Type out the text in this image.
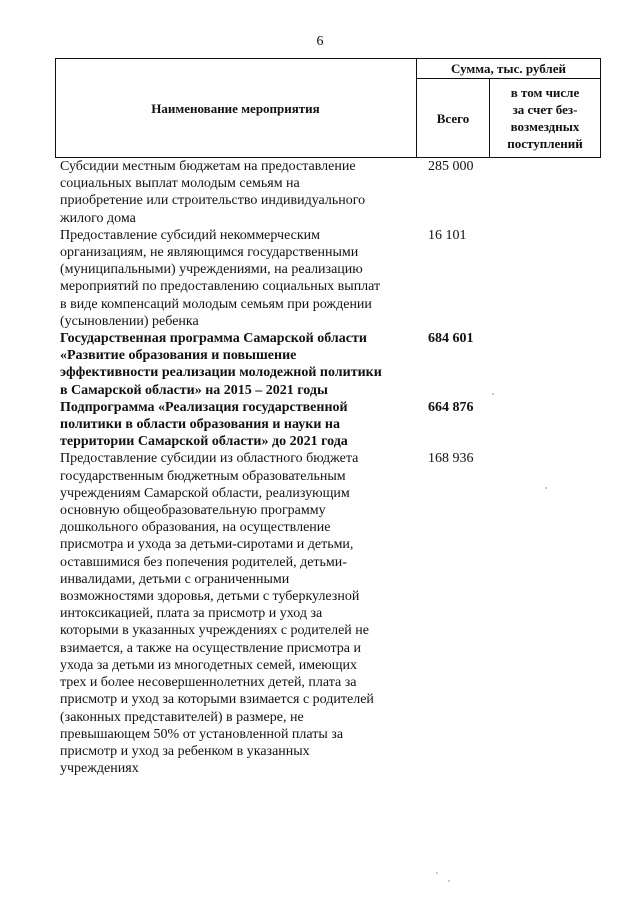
6
Наименование мероприятия
Сумма, тыс. рублей
Всего
в том числе
за счет без-
возмездных
поступлений
Субсидии местным бюджетам на предоставление
социальных выплат молодым семьям на
приобретение или строительство индивидуального
жилого дома
285 000
Предоставление субсидий некоммерческим
организациям, не являющимся государственными
(муниципальными) учреждениями, на реализацию
мероприятий по предоставлению социальных выплат
в виде компенсаций молодым семьям при рождении
(усыновлении) ребенка
16 101
Государственная программа Самарской области
«Развитие образования и повышение
эффективности реализации молодежной политики
в Самарской области» на 2015 – 2021 годы
684 601
Подпрограмма «Реализация государственной
политики в области образования и науки на
территории Самарской области» до 2021 года
664 876
Предоставление субсидии из областного бюджета
государственным бюджетным образовательным
учреждениям Самарской области, реализующим
основную общеобразовательную программу
дошкольного образования, на осуществление
присмотра и ухода за детьми-сиротами и детьми,
оставшимися без попечения родителей, детьми-
инвалидами, детьми с ограниченными
возможностями здоровья, детьми с туберкулезной
интоксикацией, плата за присмотр и уход за
которыми в указанных учреждениях с родителей не
взимается, а также на осуществление присмотра и
ухода за детьми из многодетных семей, имеющих
трех и более несовершеннолетних детей, плата за
присмотр и уход за которыми взимается с родителей
(законных представителей) в размере, не
превышающем 50% от установленной платы за
присмотр и уход за ребенком в указанных
учреждениях
168 936
